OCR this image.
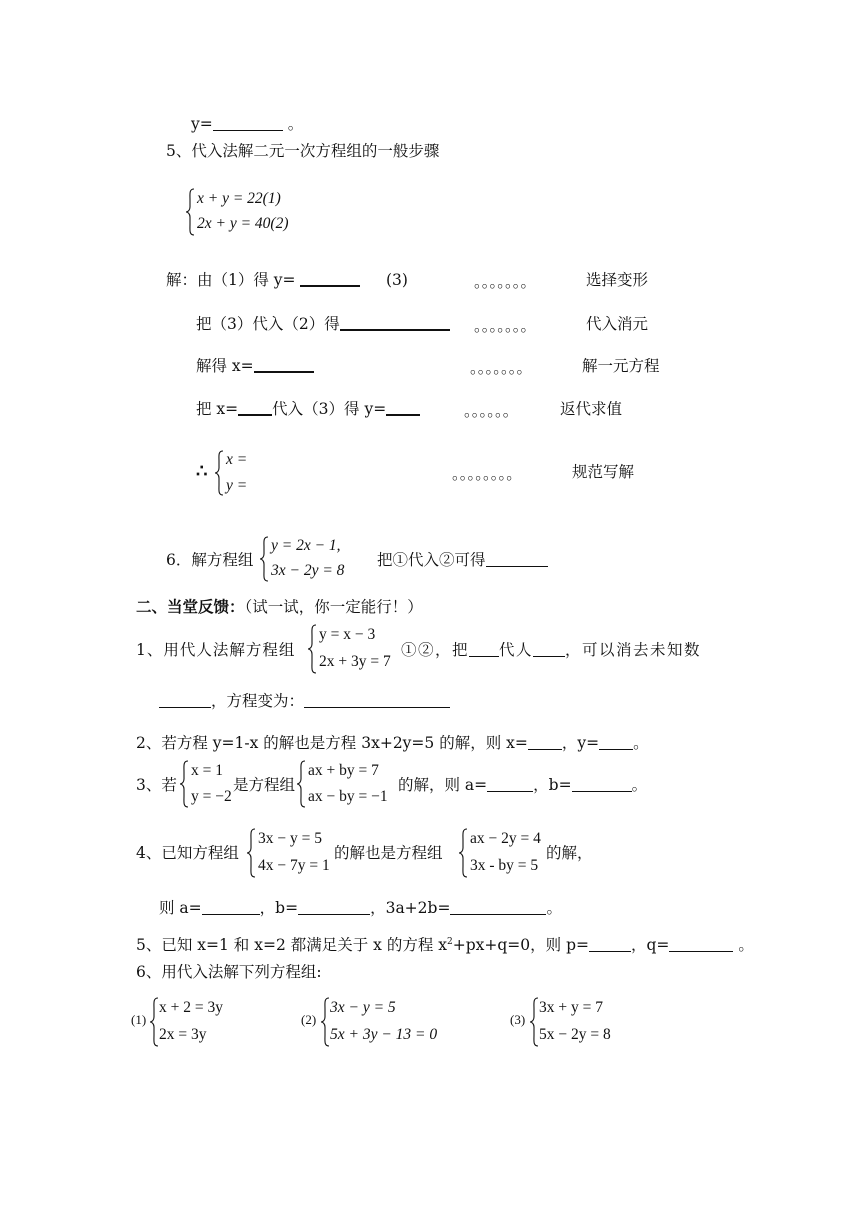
y=	。
5、代入法解二元一次方程组的一般步骤
x + y = 22(1)
2x + y = 40(2)
解：由（1）得 y=	(3)	。。。。。。。	选择变形
把（3）代入（2）得	。。。。。。。	代入消元
解得 x=	。。。。。。。	解一元方程
把 x= 代入（3）得 y=	。。。。。。	返代求值
∴
x =
y =
。。。。。。。。	规范写解
6．解方程组
y = 2x − 1,
3x − 2y = 8
把①代入②可得
二、当堂反馈：（试一试，你一定能行！）
1、用代人法解方程组
y = x − 3
2x + 3y = 7
①②，把 代人 ，可以消去未知数
，方程变为：
2、若方程 y=1-x 的解也是方程 3x+2y=5 的解，则 x= ，y= 。
3、若
x = 1
y = −2
是方程组
ax + by = 7
ax − by = −1
的解，则 a=	，b=	。
4、已知方程组
3x − y = 5
4x − 7y = 1
的解也是方程组
ax − 2y = 4
3x - by = 5
的解，
则 a=	，b=	，3a+2b=	。
5、已知 x=1 和 x=2 都满足关于 x 的方程 $x^2+px+q=0$，则 p=	，q=	。
6、用代入法解下列方程组:
(1)
x + 2 = 3y
2x = 3y
(2)
3x − y = 5
5x + 3y − 13 = 0
(3)
3x + y = 7
5x − 2y = 8
